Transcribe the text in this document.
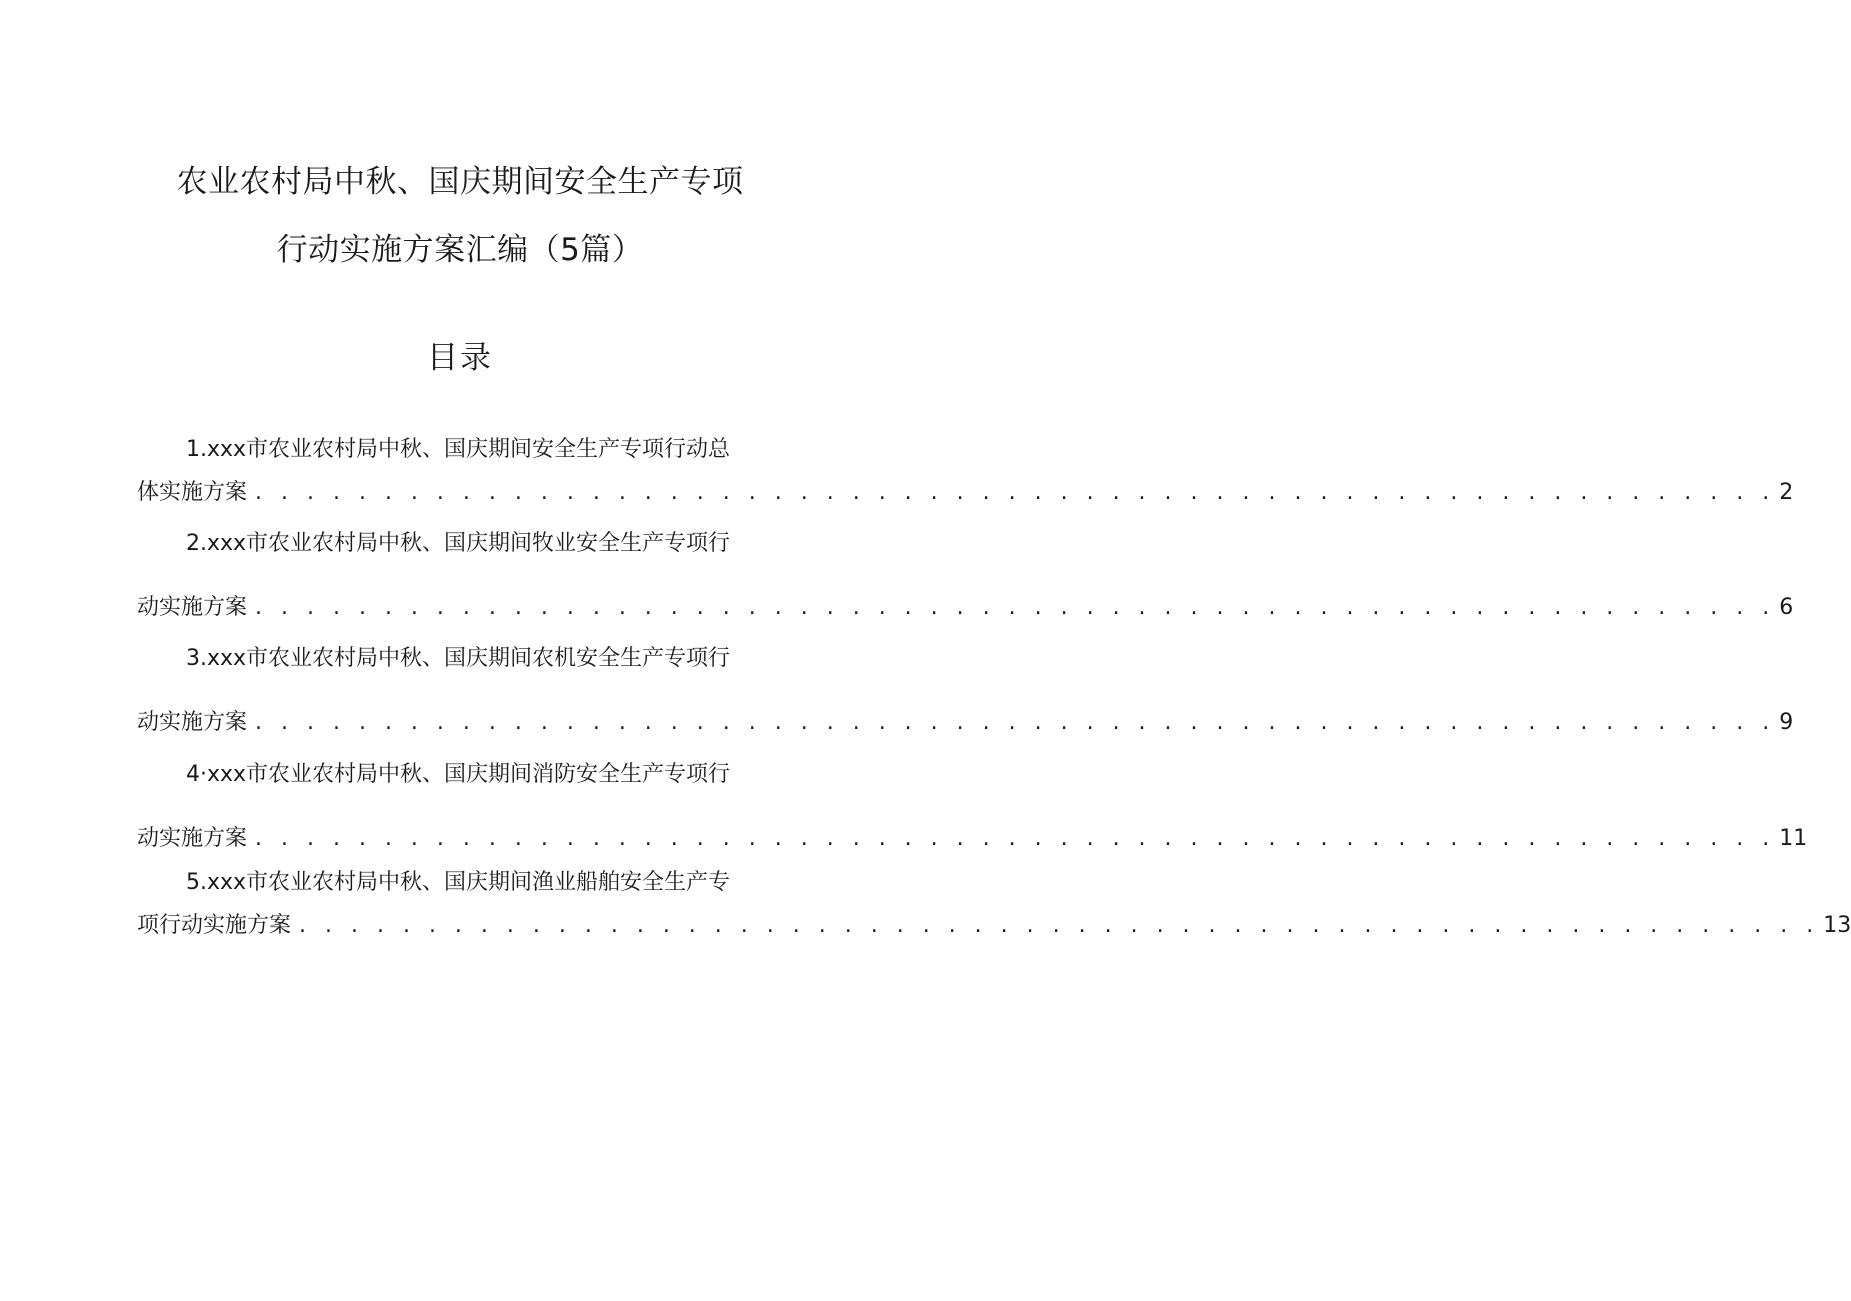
农业农村局中秋、国庆期间安全生产专项
行动实施方案汇编（5篇）
目录
1.xxx市农业农村局中秋、国庆期间安全生产专项行动总
体实施方案 . . . . . . . . . . . . . . . . . . . . . . . . . . . . . . . . . . . . . . . . . . . . . . . . . . . . . . . . . . . 2
2.xxx市农业农村局中秋、国庆期间牧业安全生产专项行
动实施方案 . . . . . . . . . . . . . . . . . . . . . . . . . . . . . . . . . . . . . . . . . . . . . . . . . . . . . . . . . . . 6
3.xxx市农业农村局中秋、国庆期间农机安全生产专项行
动实施方案 . . . . . . . . . . . . . . . . . . . . . . . . . . . . . . . . . . . . . . . . . . . . . . . . . . . . . . . . . . . 9
4·xxx市农业农村局中秋、国庆期间消防安全生产专项行
动实施方案 . . . . . . . . . . . . . . . . . . . . . . . . . . . . . . . . . . . . . . . . . . . . . . . . . . . . . . . . . . . 11
5.xxx市农业农村局中秋、国庆期间渔业船舶安全生产专
项行动实施方案 . . . . . . . . . . . . . . . . . . . . . . . . . . . . . . . . . . . . . . . . . . . . . . . . . . . . . . . . . . . 13
